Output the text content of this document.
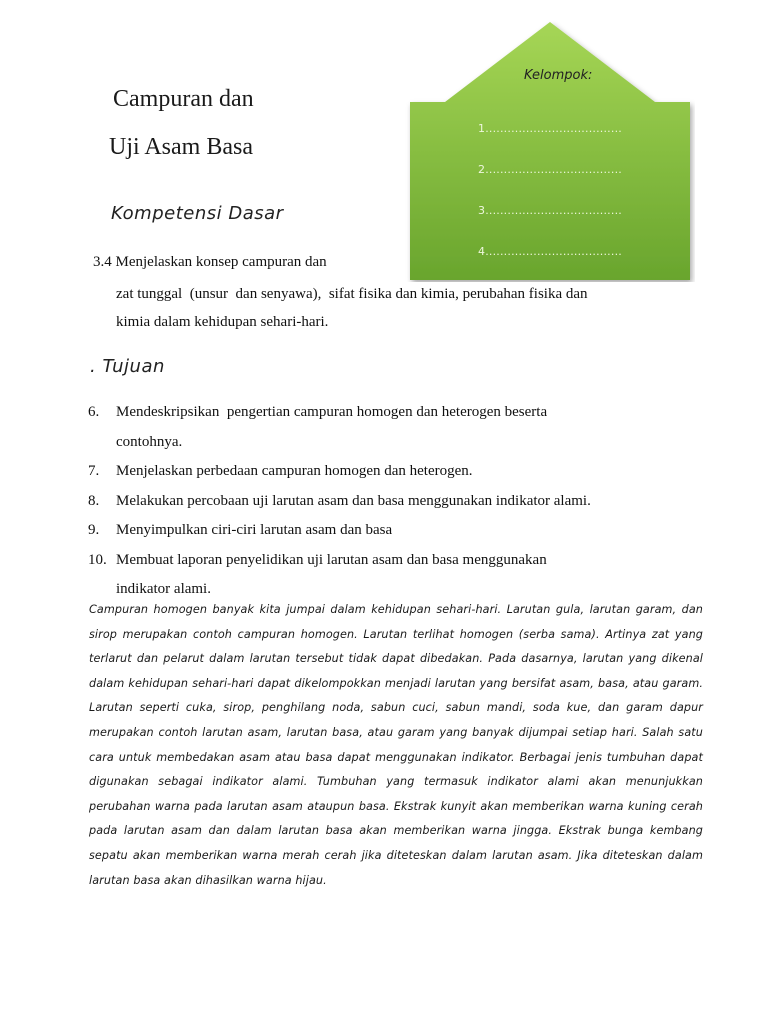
Campuran dan
Uji Asam Basa
Kelompok:
1.....................................
2.....................................
3.....................................
4.....................................
Kompetensi Dasar
3.4 Menjelaskan konsep campuran dan
zat tunggal  (unsur  dan senyawa),  sifat fisika dan kimia, perubahan fisika dan
kimia dalam kehidupan sehari-hari.
. Tujuan
6. Mendeskripsikan  pengertian campuran homogen dan heterogen beserta
contohnya.
7. Menjelaskan perbedaan campuran homogen dan heterogen.
8. Melakukan percobaan uji larutan asam dan basa menggunakan indikator alami.
9. Menyimpulkan ciri-ciri larutan asam dan basa
10. Membuat laporan penyelidikan uji larutan asam dan basa menggunakan
indikator alami.

Campuran homogen banyak kita jumpai dalam kehidupan sehari-hari. Larutan gula, larutan garam, dan sirop merupakan contoh campuran homogen. Larutan terlihat homogen (serba sama). Artinya zat yang terlarut dan pelarut dalam larutan tersebut tidak dapat dibedakan. Pada dasarnya, larutan yang dikenal dalam kehidupan sehari-hari dapat dikelompokkan menjadi larutan yang bersifat asam, basa, atau garam. Larutan seperti cuka, sirop, penghilang noda, sabun cuci, sabun mandi, soda kue, dan garam dapur merupakan contoh larutan asam, larutan basa, atau garam yang banyak dijumpai setiap hari. Salah satu cara untuk membedakan asam atau basa dapat menggunakan indikator. Berbagai jenis tumbuhan dapat digunakan sebagai indikator alami. Tumbuhan yang termasuk indikator alami akan menunjukkan perubahan warna pada larutan asam ataupun basa. Ekstrak kunyit akan memberikan warna kuning cerah pada larutan asam dan dalam larutan basa akan memberikan warna jingga. Ekstrak bunga kembang sepatu akan memberikan warna merah cerah jika diteteskan dalam larutan asam. Jika diteteskan dalam larutan basa akan dihasilkan warna hijau.
